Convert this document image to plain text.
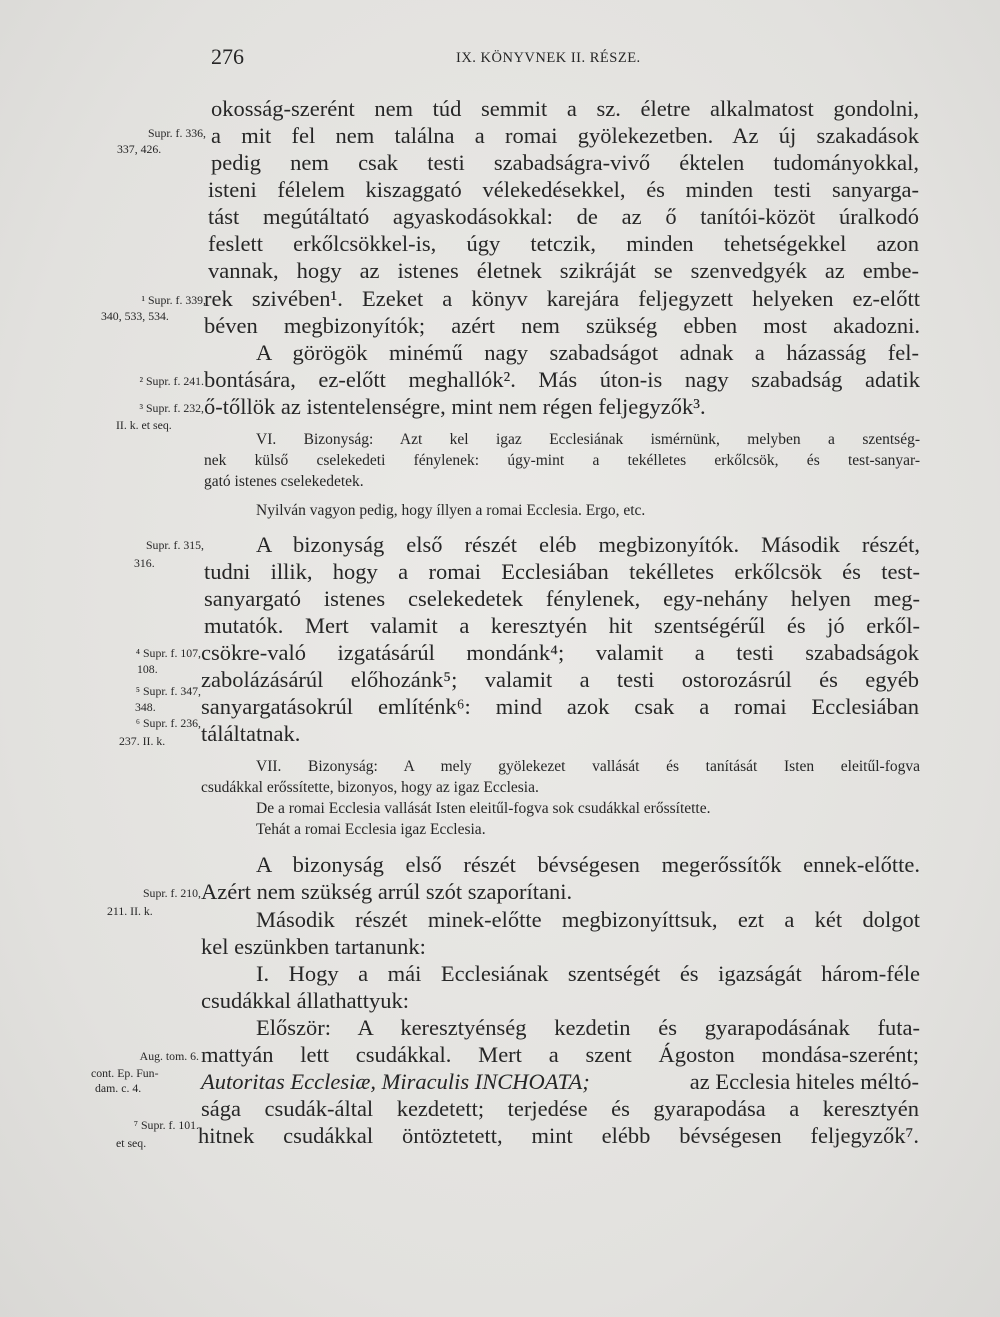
276	IX. KÖNYVNEK II. RÉSZE.
okosság-szerént nem túd semmit a sz. életre alkalmatost gondolni,
a mit fel nem találna a romai gyölekezetben. Az új szakadások
pedig nem csak testi szabadságra-vivő éktelen tudományokkal,
isteni félelem kiszaggató vélekedésekkel, és minden testi sanyarga-
tást megútáltató agyaskodásokkal: de az ő tanítói-közöt úralkodó
feslett erkőlcsökkel-is, úgy tetczik, minden tehetségekkel azon
vannak, hogy az istenes életnek szikráját se szenvedgyék az embe-
rek szivében¹. Ezeket a könyv karejára feljegyzett helyeken ez-előtt
béven megbizonyítók; azért nem szükség ebben most akadozni.
A görögök minémű nagy szabadságot adnak a házasság fel-
bontására, ez-előtt meghallók². Más úton-is nagy szabadság adatik
ő-tőllök az istentelenségre, mint nem régen feljegyzők³.
VI. Bizonyság: Azt kel igaz Ecclesiának ismérnünk, melyben a szentség-
nek külső cselekedeti fénylenek: úgy-mint a tekélletes erkőlcsök, és test-sanyar-
gató istenes cselekedetek.
Nyilván vagyon pedig, hogy íllyen a romai Ecclesia. Ergo, etc.
A bizonyság első részét eléb megbizonyítók. Második részét,
tudni illik, hogy a romai Ecclesiában tekélletes erkőlcsök és test-
sanyargató istenes cselekedetek fénylenek, egy-nehány helyen meg-
mutatók. Mert valamit a keresztyén hit szentségérűl és jó erkől-
csökre-való izgatásárúl mondánk⁴; valamit a testi szabadságok
zabolázásárúl előhozánk⁵; valamit a testi ostorozásrúl és egyéb
sanyargatásokrúl említénk⁶: mind azok csak a romai Ecclesiában
táláltatnak.
VII. Bizonyság: A mely gyölekezet vallását és tanítását Isten eleitűl-fogva
csudákkal erőssítette, bizonyos, hogy az igaz Ecclesia.
De a romai Ecclesia vallását Isten eleitűl-fogva sok csudákkal erőssítette.
Tehát a romai Ecclesia igaz Ecclesia.
A bizonyság első részét bévségesen megerőssítők ennek-előtte.
Azért nem szükség arrúl szót szaporítani.
Második részét minek-előtte megbizonyíttsuk, ezt a két dolgot
kel eszünkben tartanunk:
I. Hogy a mái Ecclesiának szentségét és igazságát három-féle
csudákkal állathattyuk:
Először: A keresztyénség kezdetin és gyarapodásának futa-
mattyán lett csudákkal. Mert a szent Ágoston mondása-szerént;
Autoritas Ecclesiæ, Miraculis INCHOATA;	az Ecclesia hiteles méltó-
sága csudák-által kezdetett; terjedése és gyarapodása a keresztyén
hitnek csudákkal öntöztetett, mint elébb bévségesen feljegyzők⁷.
Supr. f. 336,
337, 426.
¹ Supr. f. 339,
340, 533, 534.
² Supr. f. 241.
³ Supr. f. 232,
II. k. et seq.
Supr. f. 315,
316.
⁴ Supr. f. 107,
108.
⁵ Supr. f. 347,
348.
⁶ Supr. f. 236,
237. II. k.
Supr. f. 210,
211. II. k.
Aug. tom. 6.
cont. Ep. Fun-
dam. c. 4.
⁷ Supr. f. 101.
et seq.
